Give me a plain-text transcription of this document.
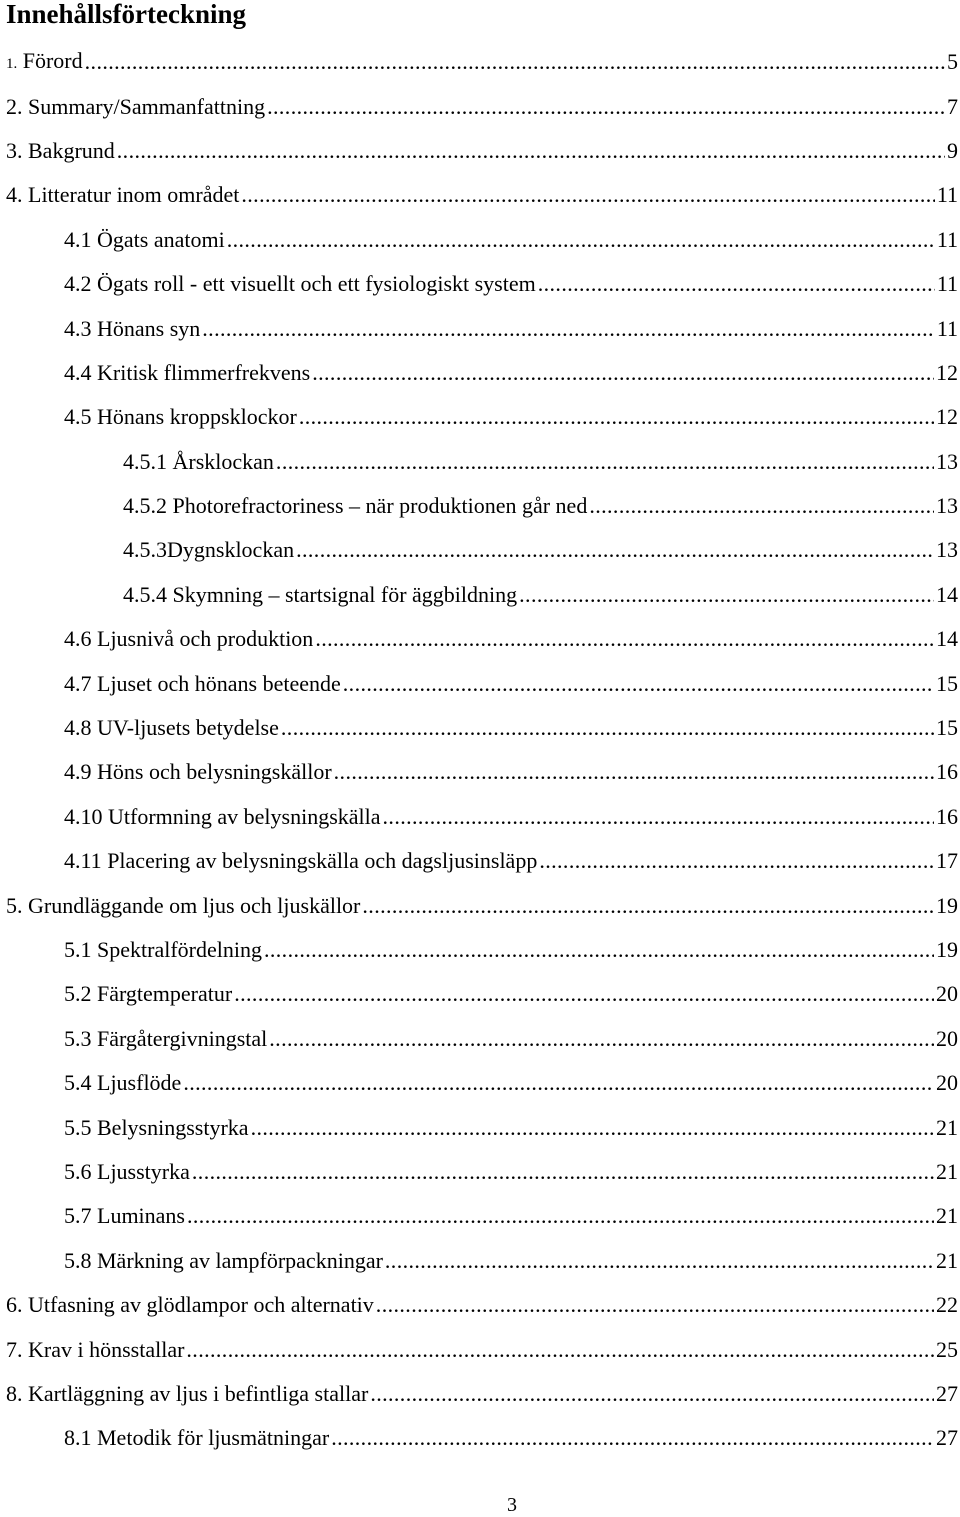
Innehållsförteckning
1. Förord .....	5
2. Summary/Sammanfattning .....	7
3. Bakgrund .....	9
4. Litteratur inom området .....	11
4.1 Ögats anatomi .....	11
4.2 Ögats roll - ett visuellt och ett fysiologiskt system .....	11
4.3 Hönans syn .....	11
4.4 Kritisk flimmerfrekvens .....	12
4.5 Hönans kroppsklockor .....	12
4.5.1 Årsklockan .....	13
4.5.2 Photorefractoriness – när produktionen går ned .....	13
4.5.3Dygnsklockan .....	13
4.5.4 Skymning – startsignal för äggbildning .....	14
4.6 Ljusnivå och produktion .....	14
4.7 Ljuset och hönans beteende .....	15
4.8 UV-ljusets betydelse .....	15
4.9 Höns och belysningskällor .....	16
4.10 Utformning av belysningskälla .....	16
4.11 Placering av belysningskälla och dagsljusinsläpp .....	17
5. Grundläggande om ljus och ljuskällor .....	19
5.1 Spektralfördelning .....	19
5.2 Färgtemperatur .....	20
5.3 Färgåtergivningstal .....	20
5.4 Ljusflöde .....	20
5.5 Belysningsstyrka .....	21
5.6 Ljusstyrka .....	21
5.7 Luminans .....	21
5.8 Märkning av lampförpackningar .....	21
6. Utfasning av glödlampor och alternativ .....	22
7. Krav i hönsstallar .....	25
8. Kartläggning av ljus i befintliga stallar .....	27
8.1 Metodik för ljusmätningar .....	27
3
